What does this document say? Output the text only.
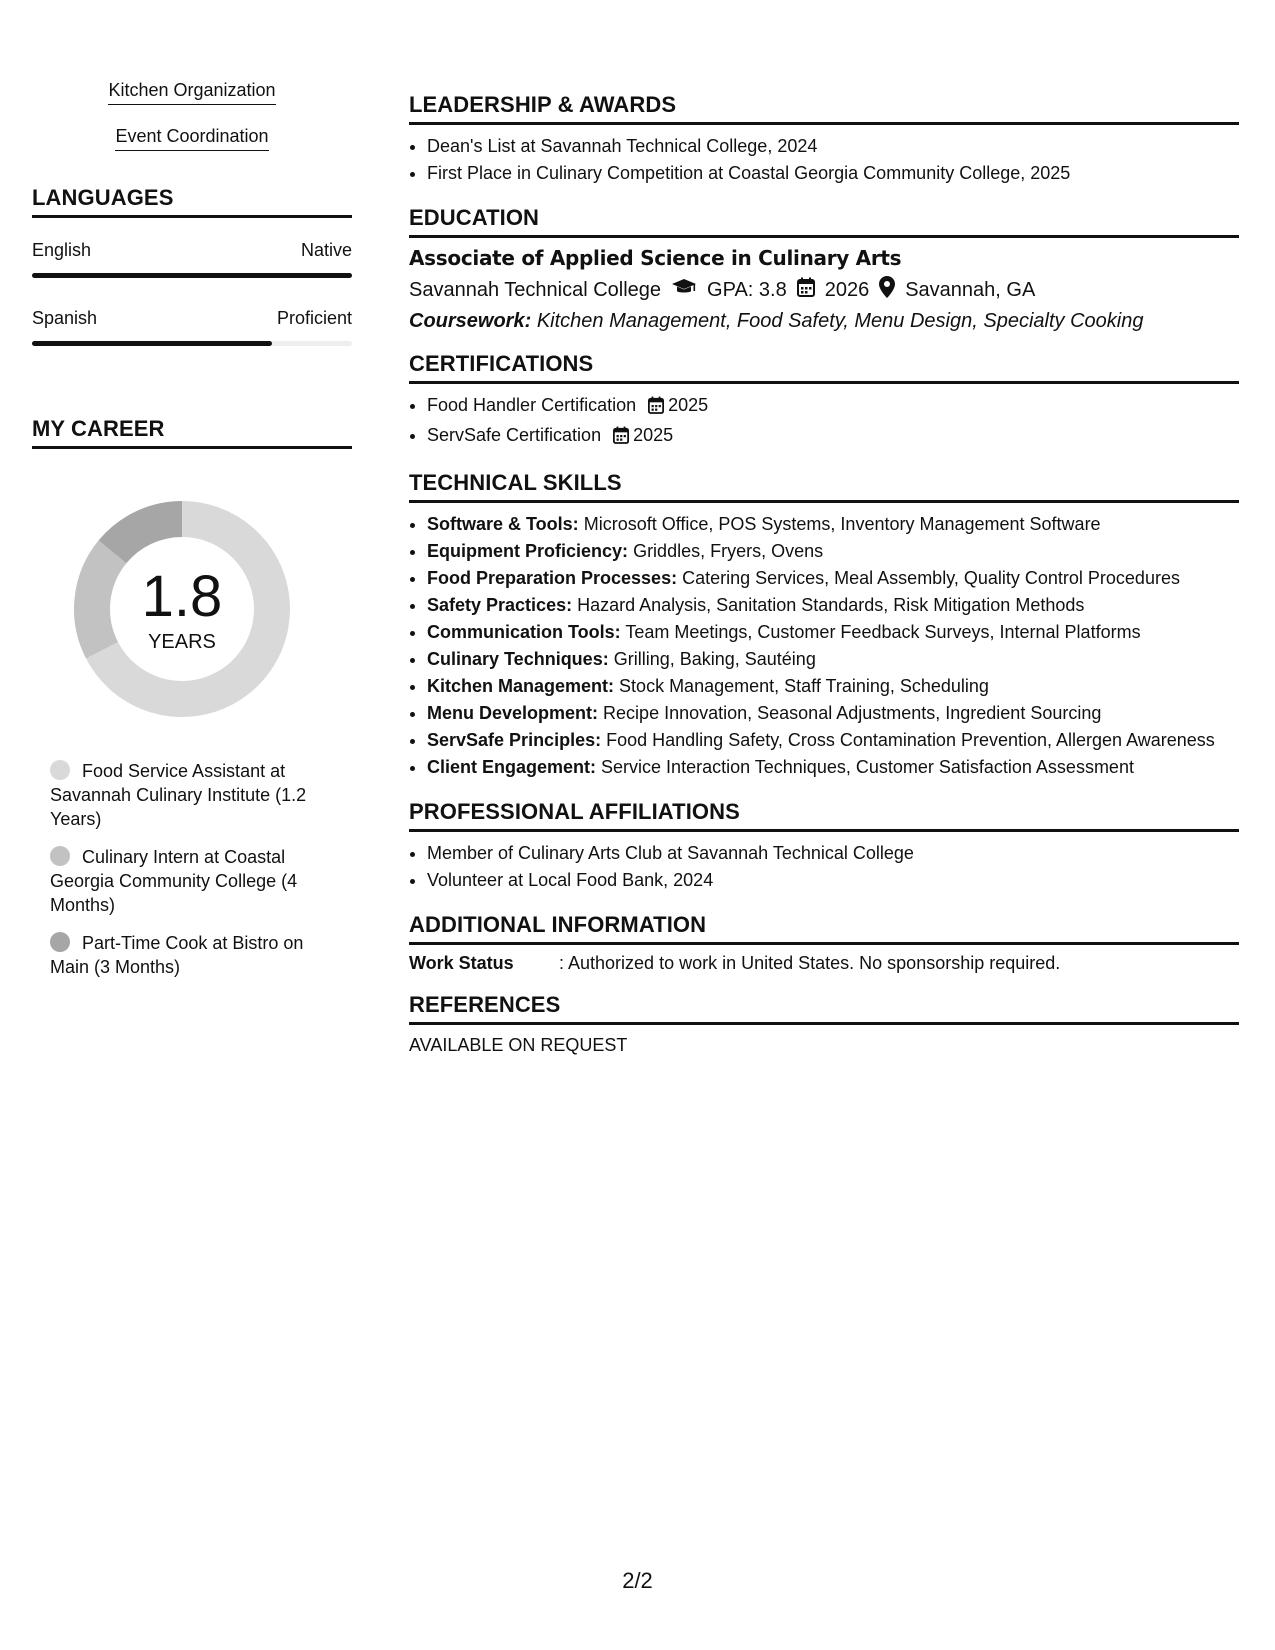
Kitchen Organization
Event Coordination
LANGUAGES
English	Native
Spanish	Proficient
MY CAREER
1.8
YEARS
Food Service Assistant at Savannah Culinary Institute (1.2 Years)
Culinary Intern at Coastal Georgia Community College (4 Months)
Part-Time Cook at Bistro on Main (3 Months)
LEADERSHIP & AWARDS
• Dean's List at Savannah Technical College, 2024
• First Place in Culinary Competition at Coastal Georgia Community College, 2025
EDUCATION
Associate of Applied Science in Culinary Arts
Savannah Technical College GPA: 3.8 2026 Savannah, GA
Coursework: Kitchen Management, Food Safety, Menu Design, Specialty Cooking
CERTIFICATIONS
• Food Handler Certification 2025
• ServSafe Certification 2025
TECHNICAL SKILLS
• Software & Tools: Microsoft Office, POS Systems, Inventory Management Software
• Equipment Proficiency: Griddles, Fryers, Ovens
• Food Preparation Processes: Catering Services, Meal Assembly, Quality Control Procedures
• Safety Practices: Hazard Analysis, Sanitation Standards, Risk Mitigation Methods
• Communication Tools: Team Meetings, Customer Feedback Surveys, Internal Platforms
• Culinary Techniques: Grilling, Baking, Sautéing
• Kitchen Management: Stock Management, Staff Training, Scheduling
• Menu Development: Recipe Innovation, Seasonal Adjustments, Ingredient Sourcing
• ServSafe Principles: Food Handling Safety, Cross Contamination Prevention, Allergen Awareness
• Client Engagement: Service Interaction Techniques, Customer Satisfaction Assessment
PROFESSIONAL AFFILIATIONS
• Member of Culinary Arts Club at Savannah Technical College
• Volunteer at Local Food Bank, 2024
ADDITIONAL INFORMATION
Work Status	: Authorized to work in United States. No sponsorship required.
REFERENCES
AVAILABLE ON REQUEST
2/2
